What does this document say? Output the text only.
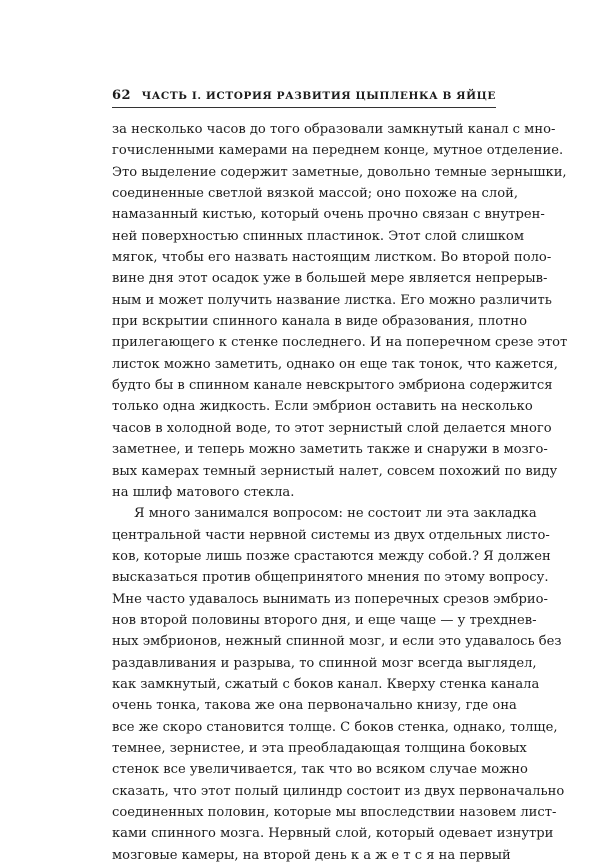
62 ЧАСТЬ I. ИСТОРИЯ РАЗВИТИЯ ЦЫПЛЕНКА В ЯЙЦЕ
за несколько часов до того образовали замкнутый канал с мно-
гочисленными камерами на переднем конце, мутное отделение.
Это выделение содержит заметные, довольно темные зернышки,
соединенные светлой вязкой массой; оно похоже на слой,
намазанный кистью, который очень прочно связан с внутрен-
ней поверхностью спинных пластинок. Этот слой слишком
мягок, чтобы его назвать настоящим листком. Во второй поло-
вине дня этот осадок уже в большей мере является непрерыв-
ным и может получить название листка. Его можно различить
при вскрытии спинного канала в виде образования, плотно
прилегающего к стенке последнего. И на поперечном срезе этот
листок можно заметить, однако он еще так тонок, что кажется,
будто бы в спинном канале невскрытого эмбриона содержится
только одна жидкость. Если эмбрион оставить на несколько
часов в холодной воде, то этот зернистый слой делается много
заметнее, и теперь можно заметить также и снаружи в мозго-
вых камерах темный зернистый налет, совсем похожий по виду
на шлиф матового стекла.
Я много занимался вопросом: не состоит ли эта закладка
центральной части нервной системы из двух отдельных листо-
ков, которые лишь позже срастаются между собой.? Я должен
высказаться против общепринятого мнения по этому вопросу.
Мне часто удавалось вынимать из поперечных срезов эмбрио-
нов второй половины второго дня, и еще чаще — у трехднев-
ных эмбрионов, нежный спинной мозг, и если это удавалось без
раздавливания и разрыва, то спинной мозг всегда выглядел,
как замкнутый, сжатый с боков канал. Кверху стенка канала
очень тонка, такова же она первоначально книзу, где она
все же скоро становится толще. С боков стенка, однако, толще,
темнее, зернистее, и эта преобладающая толщина боковых
стенок все увеличивается, так что во всяком случае можно
сказать, что этот полый цилиндр состоит из двух первоначально
соединенных половин, которые мы впоследствии назовем лист-
ками спинного мозга. Нервный слой, который одевает изнутри
мозговые камеры, на второй день к а ж е т с я на первый
